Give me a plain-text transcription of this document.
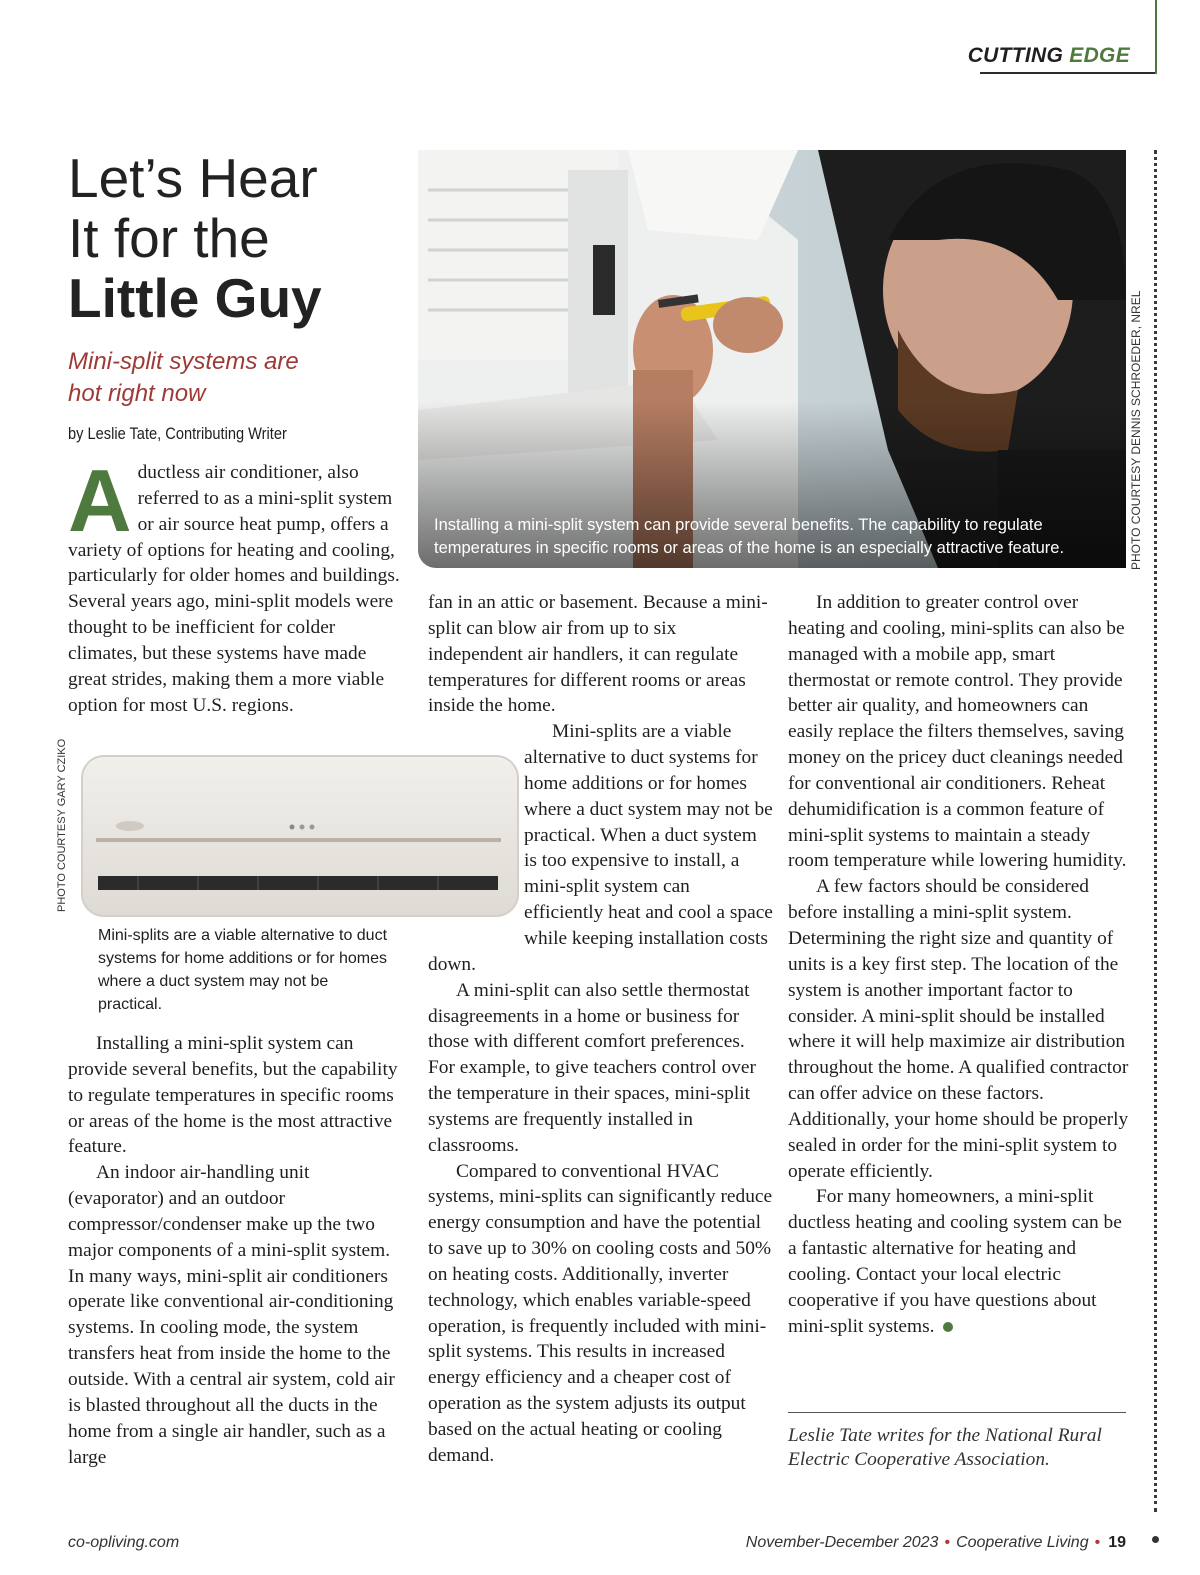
CUTTING EDGE
Let’s Hear
It for the
Little Guy
Mini-split systems are
hot right now
by Leslie Tate, Contributing Writer
A ductless air conditioner, also referred to as a mini-split system or air source heat pump, offers a variety of options for heating and cooling, particularly for older homes and buildings. Several years ago, mini-split models were thought to be inefficient for colder climates, but these systems have made great strides, making them a more viable option for most U.S. regions.

Installing a mini-split system can provide several benefits. The capability to regulate temperatures in specific rooms or areas of the home is an especially attractive feature.	PHOTO COURTESY DENNIS SCHROEDER, NREL
PHOTO COURTESY GARY CZIKO
Mini-splits are a viable alternative to duct systems for home additions or for homes where a duct system may not be practical.

Installing a mini-split system can provide several benefits, but the capability to regulate temperatures in specific rooms or areas of the home is the most attractive feature.

An indoor air-handling unit (evaporator) and an outdoor compressor/condenser make up the two major components of a mini-split system. In many ways, mini-split air conditioners operate like conventional air-conditioning systems. In cooling mode, the system transfers heat from inside the home to the outside. With a central air system, cold air is blasted throughout all the ducts in the home from a single air handler, such as a large

fan in an attic or basement. Because a mini-split can blow air from up to six independent air handlers, it can regulate temperatures for different rooms or areas inside the home.

Mini-splits are a viable alternative to duct systems for home additions or for homes where a duct system may not be practical. When a duct system is too expensive to install, a mini-split system can efficiently heat and cool a space while keeping installation costs down.

A mini-split can also settle thermostat disagreements in a home or business for those with different comfort preferences. For example, to give teachers control over the temperature in their spaces, mini-split systems are frequently installed in classrooms.

Compared to conventional HVAC systems, mini-splits can significantly reduce energy consumption and have the potential to save up to 30% on cooling costs and 50% on heating costs. Additionally, inverter technology, which enables variable-speed operation, is frequently included with mini-split systems. This results in increased energy efficiency and a cheaper cost of operation as the system adjusts its output based on the actual heating or cooling demand.

In addition to greater control over heating and cooling, mini-splits can also be managed with a mobile app, smart thermostat or remote control. They provide better air quality, and homeowners can easily replace the filters themselves, saving money on the pricey duct cleanings needed for conventional air conditioners. Reheat dehumidification is a common feature of mini-split systems to maintain a steady room temperature while lowering humidity.

A few factors should be considered before installing a mini-split system. Determining the right size and quantity of units is a key first step. The location of the system is another important factor to consider. A mini-split should be installed where it will help maximize air distribution throughout the home. A qualified contractor can offer advice on these factors. Additionally, your home should be properly sealed in order for the mini-split system to operate efficiently.

For many homeowners, a mini-split ductless heating and cooling system can be a fantastic alternative for heating and cooling. Contact your local electric cooperative if you have questions about mini-split systems.

Leslie Tate writes for the National Rural Electric Cooperative Association.
co-opliving.com	November-December 2023 • Cooperative Living • 19
